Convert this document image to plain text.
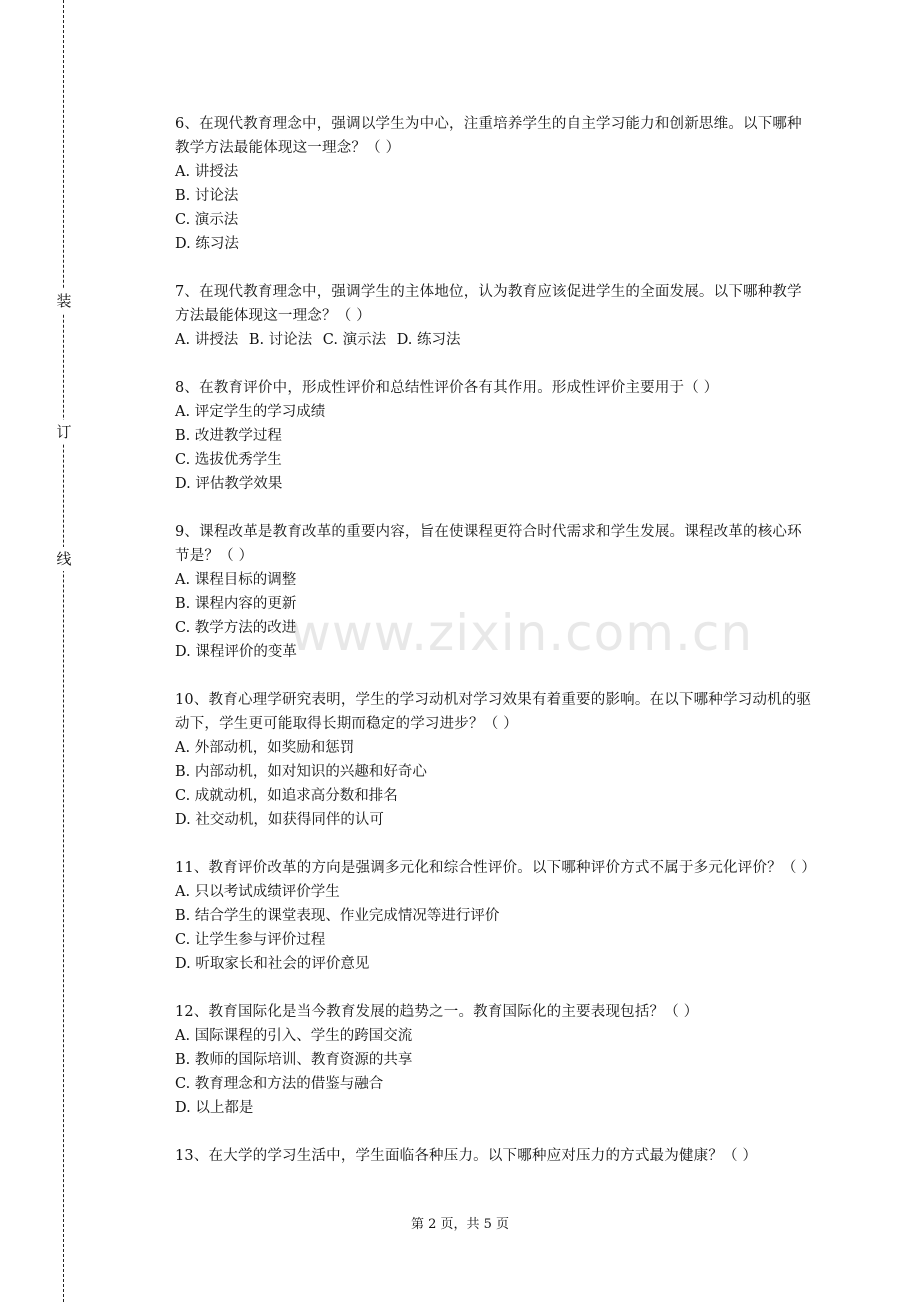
装
订
线
www.zixin.com.cn
6、在现代教育理念中，强调以学生为中心，注重培养学生的自主学习能力和创新思维。以下哪种教学方法最能体现这一理念？（ ）
A. 讲授法
B. 讨论法
C. 演示法
D. 练习法
7、在现代教育理念中，强调学生的主体地位，认为教育应该促进学生的全面发展。以下哪种教学方法最能体现这一理念？（ ）
A. 讲授法 B. 讨论法 C. 演示法 D. 练习法
8、在教育评价中，形成性评价和总结性评价各有其作用。形成性评价主要用于（ ）
A. 评定学生的学习成绩
B. 改进教学过程
C. 选拔优秀学生
D. 评估教学效果
9、课程改革是教育改革的重要内容，旨在使课程更符合时代需求和学生发展。课程改革的核心环节是？（ ）
A. 课程目标的调整
B. 课程内容的更新
C. 教学方法的改进
D. 课程评价的变革
10、教育心理学研究表明，学生的学习动机对学习效果有着重要的影响。在以下哪种学习动机的驱动下，学生更可能取得长期而稳定的学习进步？（ ）
A. 外部动机，如奖励和惩罚
B. 内部动机，如对知识的兴趣和好奇心
C. 成就动机，如追求高分数和排名
D. 社交动机，如获得同伴的认可
11、教育评价改革的方向是强调多元化和综合性评价。以下哪种评价方式不属于多元化评价？（ ）
A. 只以考试成绩评价学生
B. 结合学生的课堂表现、作业完成情况等进行评价
C. 让学生参与评价过程
D. 听取家长和社会的评价意见
12、教育国际化是当今教育发展的趋势之一。教育国际化的主要表现包括？（ ）
A. 国际课程的引入、学生的跨国交流
B. 教师的国际培训、教育资源的共享
C. 教育理念和方法的借鉴与融合
D. 以上都是
13、在大学的学习生活中，学生面临各种压力。以下哪种应对压力的方式最为健康？（ ）
第 2 页，共 5 页
